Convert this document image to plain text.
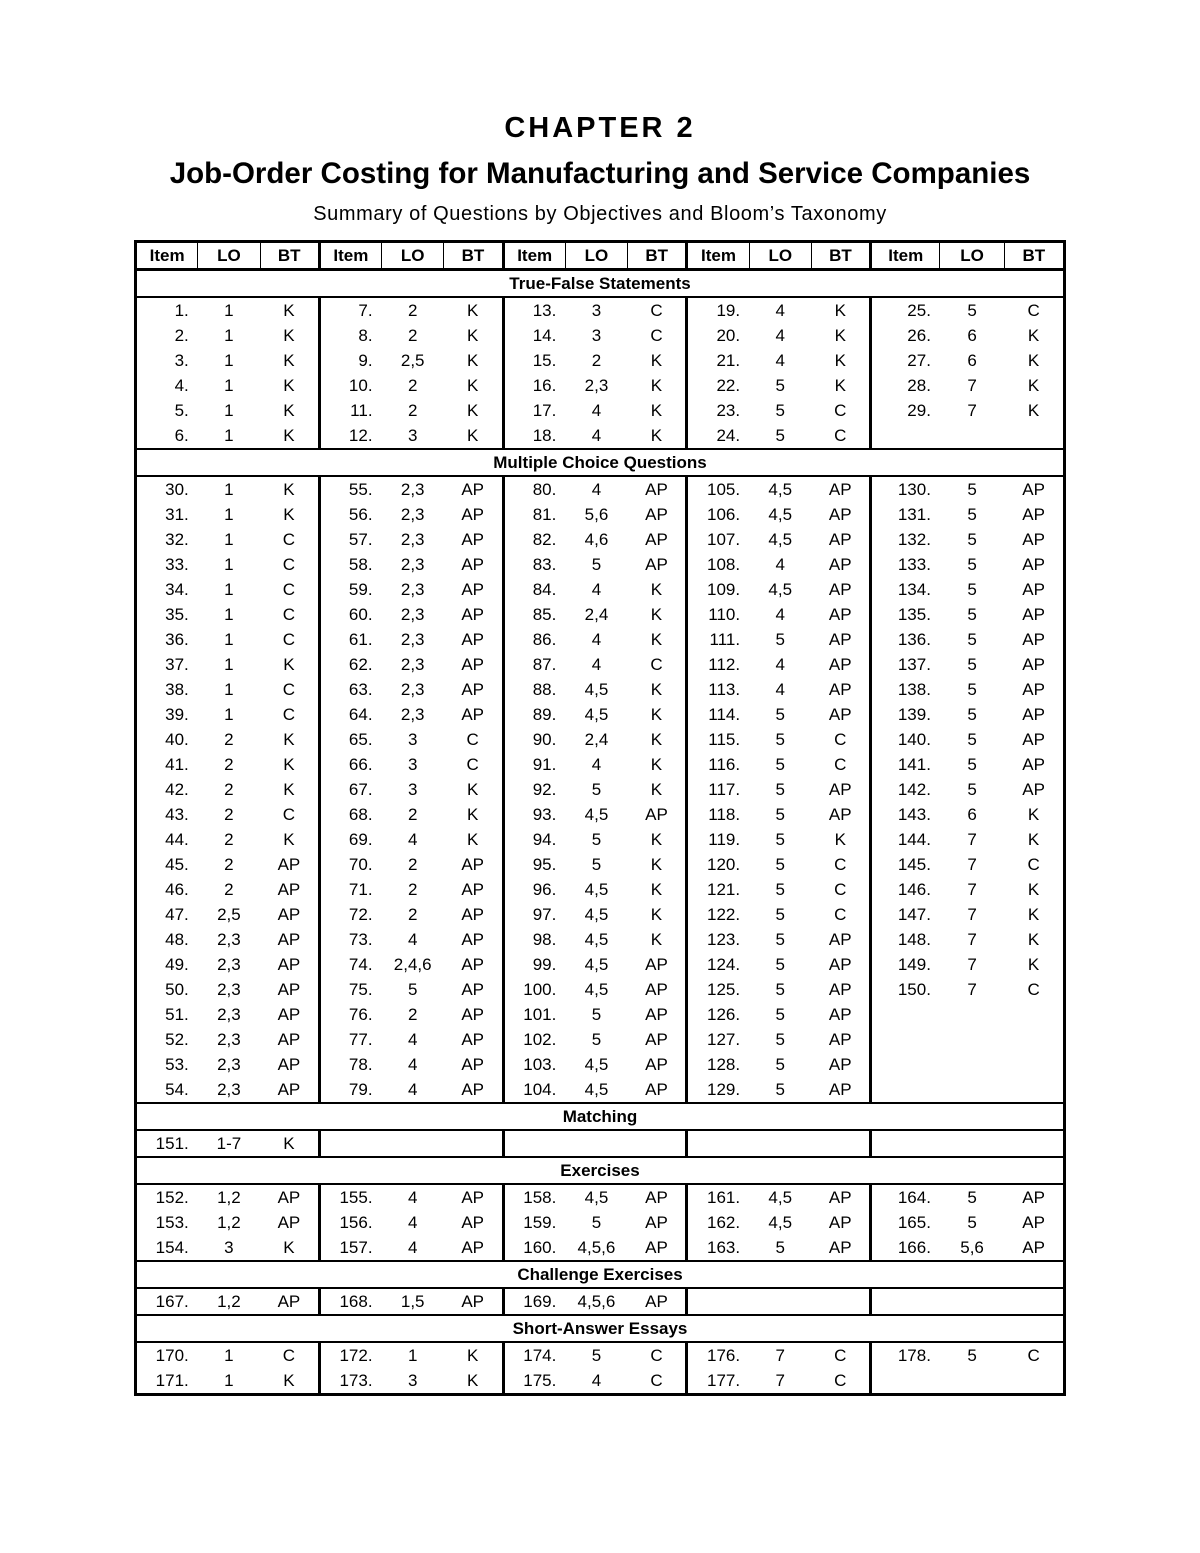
CHAPTER 2
Job-Order Costing for Manufacturing and Service Companies
Summary of Questions by Objectives and Bloom’s Taxonomy
Item	LO	BT	Item	LO	BT	Item	LO	BT	Item	LO	BT	Item	LO	BT
True-False Statements														
1.	1	K	7.	2	K	13.	3	C	19.	4	K	25.	5	C
2.	1	K	8.	2	K	14.	3	C	20.	4	K	26.	6	K
3.	1	K	9.	2,5	K	15.	2	K	21.	4	K	27.	6	K
4.	1	K	10.	2	K	16.	2,3	K	22.	5	K	28.	7	K
5.	1	K	11.	2	K	17.	4	K	23.	5	C	29.	7	K
6.	1	K	12.	3	K	18.	4	K	24.	5	C			
Multiple Choice Questions														
30.	1	K	55.	2,3	AP	80.	4	AP	105.	4,5	AP	130.	5	AP
31.	1	K	56.	2,3	AP	81.	5,6	AP	106.	4,5	AP	131.	5	AP
32.	1	C	57.	2,3	AP	82.	4,6	AP	107.	4,5	AP	132.	5	AP
33.	1	C	58.	2,3	AP	83.	5	AP	108.	4	AP	133.	5	AP
34.	1	C	59.	2,3	AP	84.	4	K	109.	4,5	AP	134.	5	AP
35.	1	C	60.	2,3	AP	85.	2,4	K	110.	4	AP	135.	5	AP
36.	1	C	61.	2,3	AP	86.	4	K	111.	5	AP	136.	5	AP
37.	1	K	62.	2,3	AP	87.	4	C	112.	4	AP	137.	5	AP
38.	1	C	63.	2,3	AP	88.	4,5	K	113.	4	AP	138.	5	AP
39.	1	C	64.	2,3	AP	89.	4,5	K	114.	5	AP	139.	5	AP
40.	2	K	65.	3	C	90.	2,4	K	115.	5	C	140.	5	AP
41.	2	K	66.	3	C	91.	4	K	116.	5	C	141.	5	AP
42.	2	K	67.	3	K	92.	5	K	117.	5	AP	142.	5	AP
43.	2	C	68.	2	K	93.	4,5	AP	118.	5	AP	143.	6	K
44.	2	K	69.	4	K	94.	5	K	119.	5	K	144.	7	K
45.	2	AP	70.	2	AP	95.	5	K	120.	5	C	145.	7	C
46.	2	AP	71.	2	AP	96.	4,5	K	121.	5	C	146.	7	K
47.	2,5	AP	72.	2	AP	97.	4,5	K	122.	5	C	147.	7	K
48.	2,3	AP	73.	4	AP	98.	4,5	K	123.	5	AP	148.	7	K
49.	2,3	AP	74.	2,4,6	AP	99.	4,5	AP	124.	5	AP	149.	7	K
50.	2,3	AP	75.	5	AP	100.	4,5	AP	125.	5	AP	150.	7	C
51.	2,3	AP	76.	2	AP	101.	5	AP	126.	5	AP			
52.	2,3	AP	77.	4	AP	102.	5	AP	127.	5	AP			
53.	2,3	AP	78.	4	AP	103.	4,5	AP	128.	5	AP			
54.	2,3	AP	79.	4	AP	104.	4,5	AP	129.	5	AP			
Matching														
151.	1-7	K												
Exercises														
152.	1,2	AP	155.	4	AP	158.	4,5	AP	161.	4,5	AP	164.	5	AP
153.	1,2	AP	156.	4	AP	159.	5	AP	162.	4,5	AP	165.	5	AP
154.	3	K	157.	4	AP	160.	4,5,6	AP	163.	5	AP	166.	5,6	AP
Challenge Exercises														
167.	1,2	AP	168.	1,5	AP	169.	4,5,6	AP						
Short-Answer Essays														
170.	1	C	172.	1	K	174.	5	C	176.	7	C	178.	5	C
171.	1	K	173.	3	K	175.	4	C	177.	7	C			
